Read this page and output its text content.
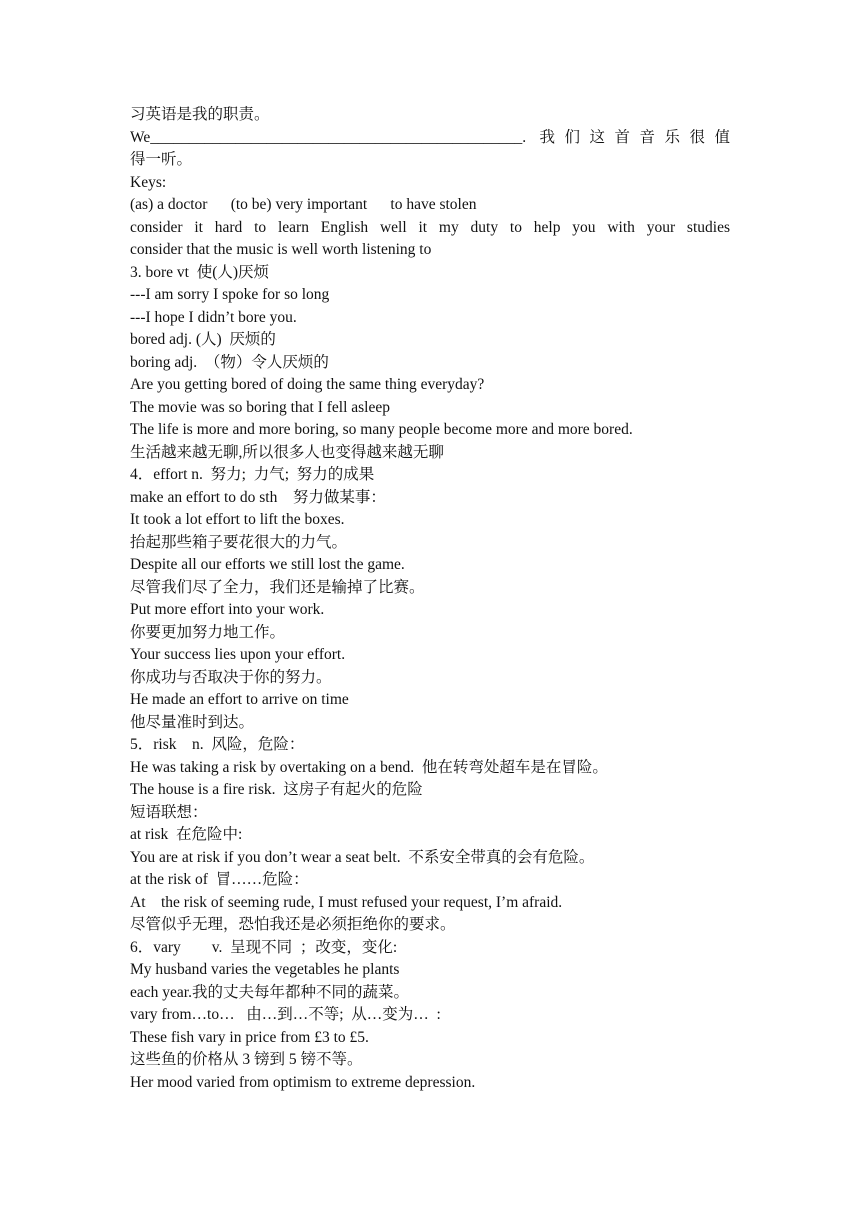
习英语是我的职责。
We________________________________________________. 我们这首音乐很值
得一听。
Keys:
(as) a doctor      (to be) very important      to have stolen
consider it hard to learn English well it my duty to help you with your studies
consider that the music is well worth listening to
3. bore vt  使(人)厌烦
---I am sorry I spoke for so long
---I hope I didn’t bore you.
bored adj. (人)  厌烦的
boring adj.  （物）令人厌烦的
Are you getting bored of doing the same thing everyday?
The movie was so boring that I fell asleep
The life is more and more boring, so many people become more and more bored.
生活越来越无聊,所以很多人也变得越来越无聊
4．effort n.  努力;  力气;  努力的成果
make an effort to do sth    努力做某事：
It took a lot effort to lift the boxes.
抬起那些箱子要花很大的力气。
Despite all our efforts we still lost the game.
尽管我们尽了全力，我们还是输掉了比赛。
Put more effort into your work.
你要更加努力地工作。
Your success lies upon your effort.
你成功与否取决于你的努力。
He made an effort to arrive on time
他尽量准时到达。
5．risk    n.  风险，危险：
He was taking a risk by overtaking on a bend.  他在转弯处超车是在冒险。
The house is a fire risk.  这房子有起火的危险
短语联想：
at risk  在危险中:
You are at risk if you don’t wear a seat belt.  不系安全带真的会有危险。
at the risk of  冒……危险：
At    the risk of seeming rude, I must refused your request, I’m afraid.
尽管似乎无理，恐怕我还是必须拒绝你的要求。
6．vary        v.  呈现不同  ；改变，变化:
My husband varies the vegetables he plants
each year.我的丈夫每年都种不同的蔬菜。
vary from…to…   由…到…不等;  从…变为…  :
These fish vary in price from £3 to £5.
这些鱼的价格从 3 镑到 5 镑不等。
Her mood varied from optimism to extreme depression.
